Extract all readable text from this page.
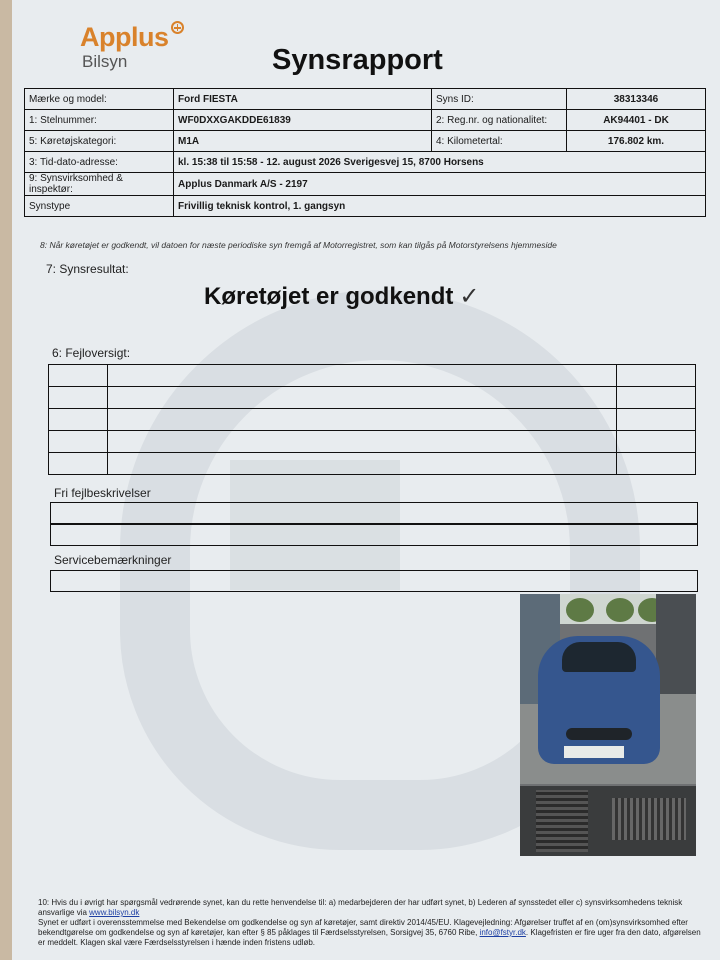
Applus
Bilsyn	Synsrapport
Mærke og model:	Ford FIESTA	Syns ID:	38313346
1: Stelnummer:	WF0DXXGAKDDE61839	2: Reg.nr. og nationalitet:	AK94401 - DK
5: Køretøjskategori:	M1A	4: Kilometertal:	176.802 km.
3: Tid-dato-adresse:	kl. 15:38 til 15:58 - 12. august 2026 Sverigesvej 15, 8700 Horsens		
9: Synsvirksomhed & inspektør:	Applus Danmark A/S - 2197		
Synstype	Frivillig teknisk kontrol, 1. gangsyn		
8: Når køretøjet er godkendt, vil datoen for næste periodiske syn fremgå af Motorregistret, som kan tilgås på Motorstyrelsens hjemmeside
7: Synsresultat:
Køretøjet er godkendt ✓
6: Fejloversigt:

Fri fejlbeskrivelser
Servicebemærkninger
10: Hvis du i øvrigt har spørgsmål vedrørende synet, kan du rette henvendelse til: a) medarbejderen der har udført synet, b) Lederen af synsstedet eller c) synsvirksomhedens teknisk ansvarlige via www.bilsyn.dk
Synet er udført i overensstemmelse med Bekendelse om godkendelse og syn af køretøjer, samt direktiv 2014/45/EU. Klagevejledning: Afgørelser truffet af en (om)synsvirksomhed efter bekendtgørelse om godkendelse og syn af køretøjer, kan efter § 85 påklages til Færdselsstyrelsen, Sorsigvej 35, 6760 Ribe, info@fstyr.dk. Klagefristen er fire uger fra den dato, afgørelsen er meddelt. Klagen skal være Færdselsstyrelsen i hænde inden fristens udløb.
